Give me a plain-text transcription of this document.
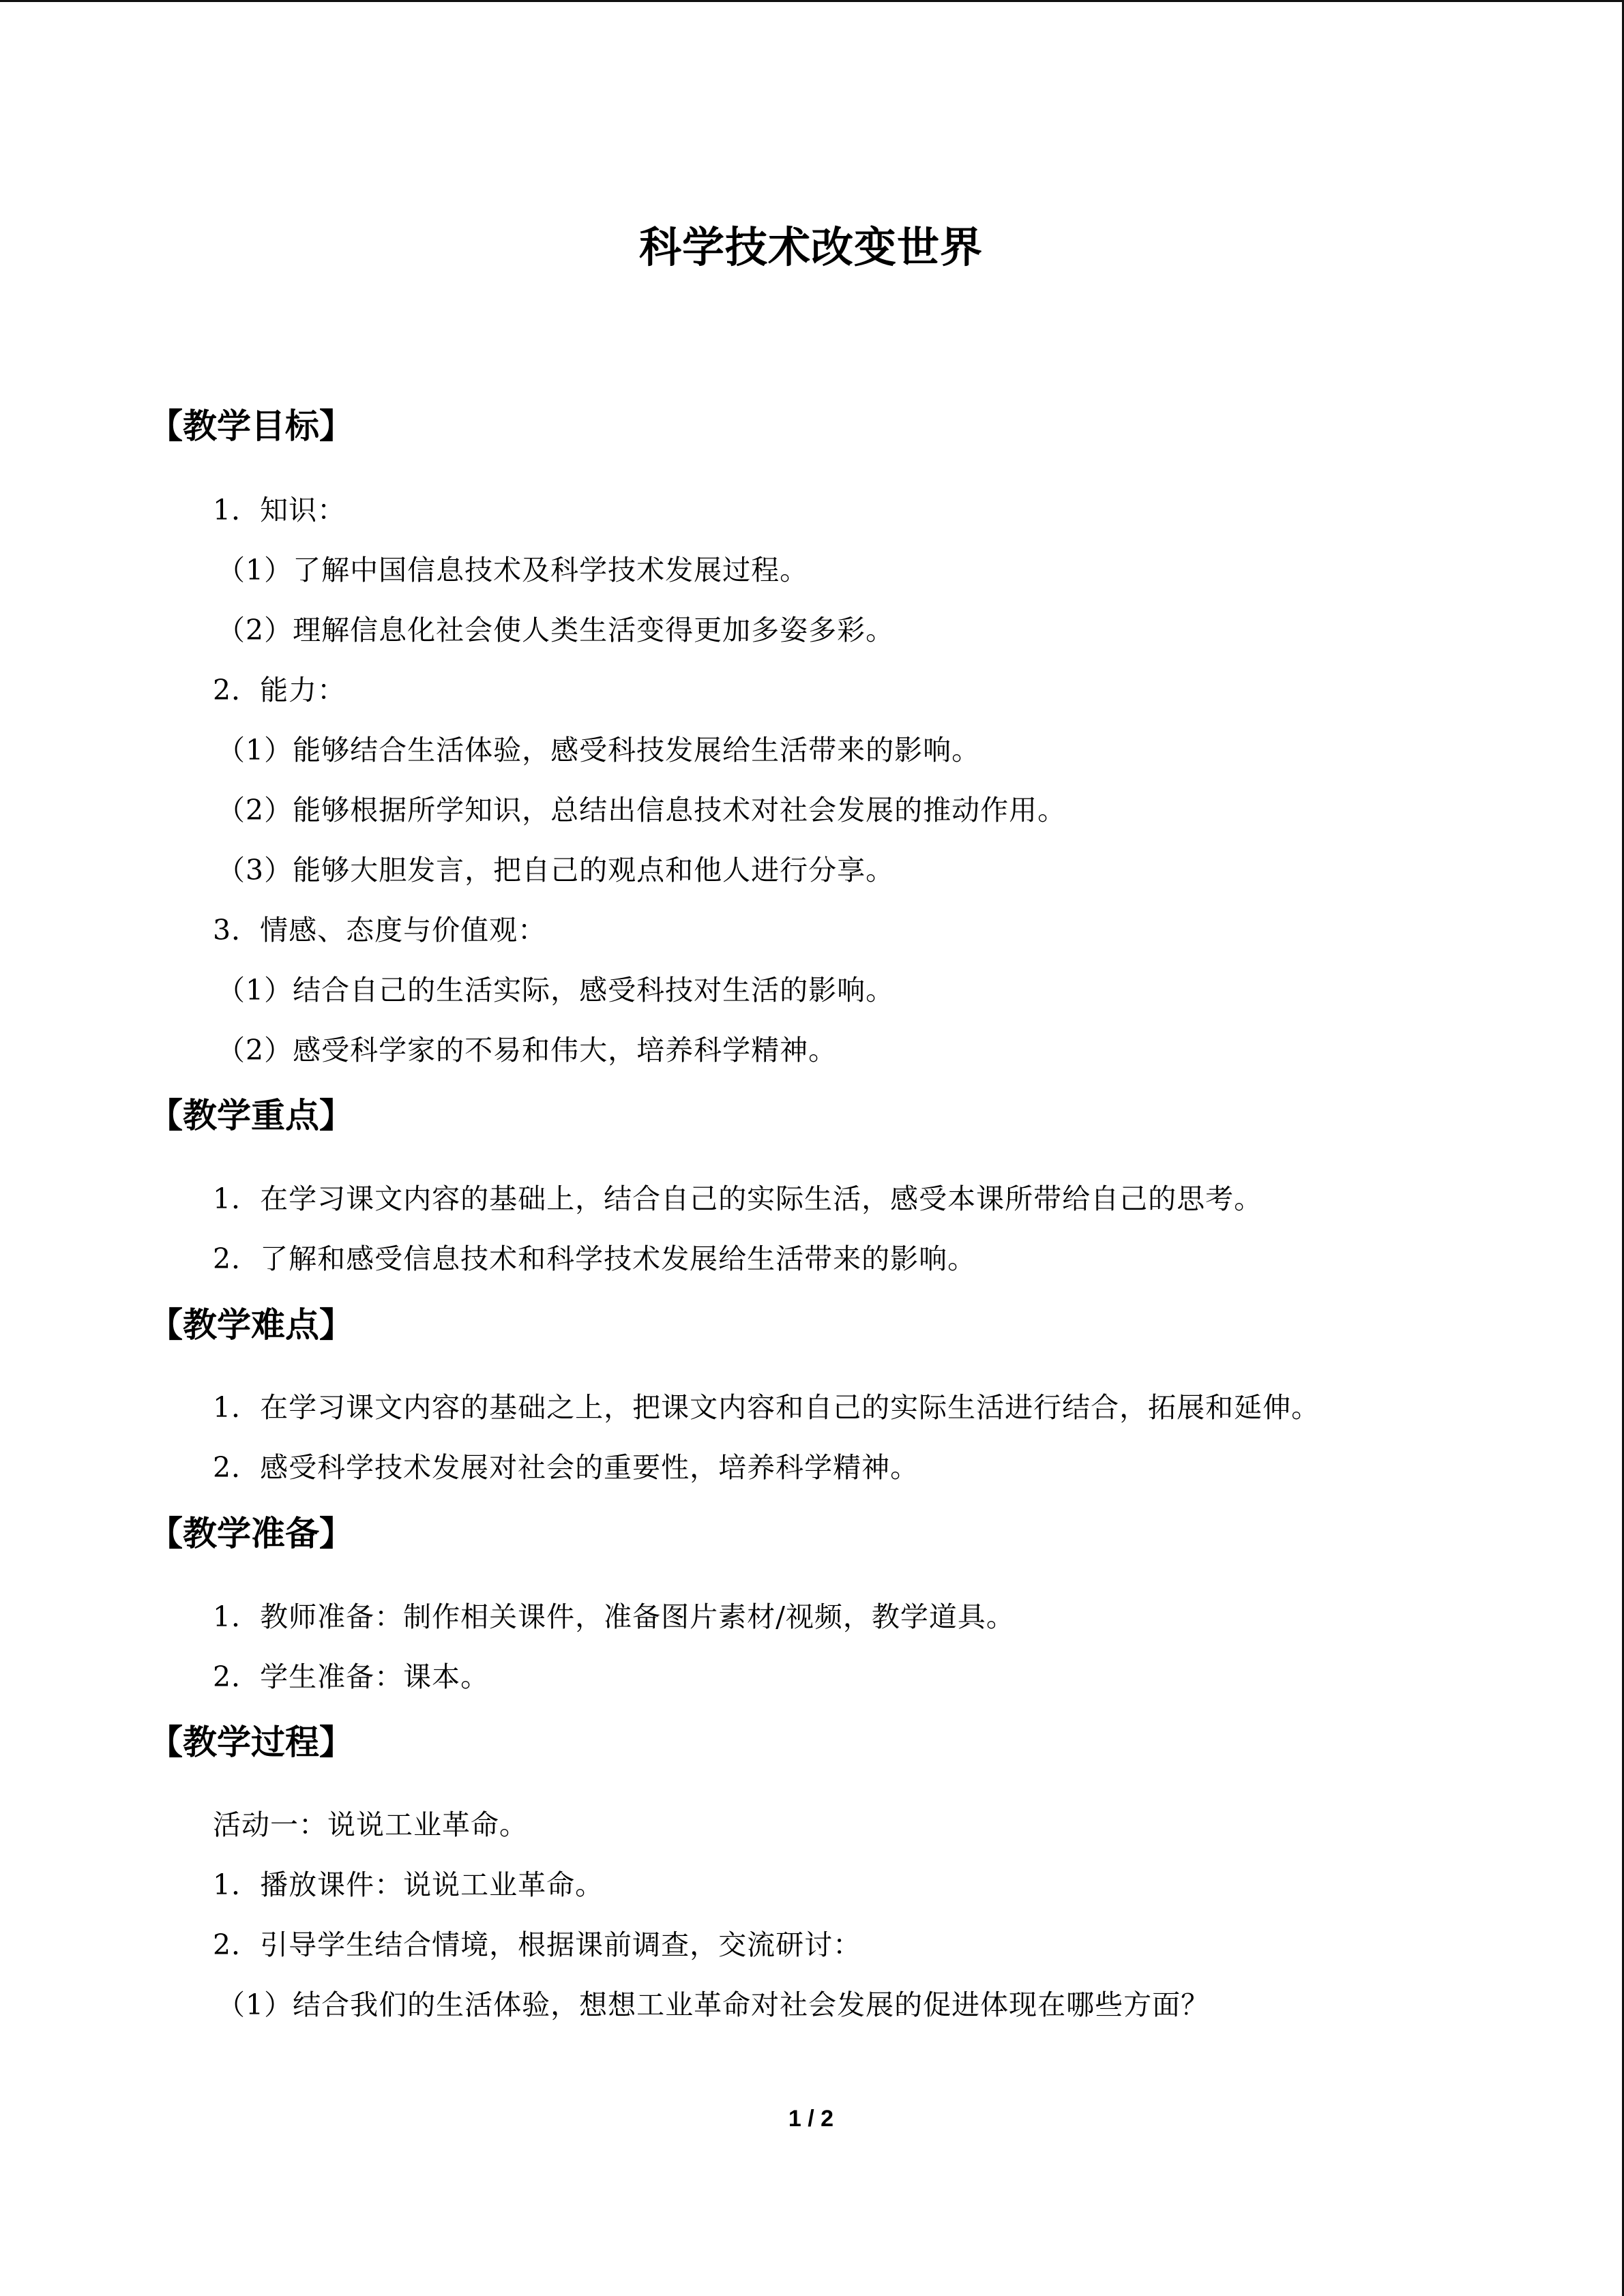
科学技术改变世界
【教学目标】
1．知识：
（1）了解中国信息技术及科学技术发展过程。
（2）理解信息化社会使人类生活变得更加多姿多彩。
2．能力：
（1）能够结合生活体验，感受科技发展给生活带来的影响。
（2）能够根据所学知识，总结出信息技术对社会发展的推动作用。
（3）能够大胆发言，把自己的观点和他人进行分享。
3．情感、态度与价值观：
（1）结合自己的生活实际，感受科技对生活的影响。
（2）感受科学家的不易和伟大，培养科学精神。
【教学重点】
1．在学习课文内容的基础上，结合自己的实际生活，感受本课所带给自己的思考。
2．了解和感受信息技术和科学技术发展给生活带来的影响。
【教学难点】
1．在学习课文内容的基础之上，把课文内容和自己的实际生活进行结合，拓展和延伸。
2．感受科学技术发展对社会的重要性，培养科学精神。
【教学准备】
1．教师准备：制作相关课件，准备图片素材/视频，教学道具。
2．学生准备：课本。
【教学过程】
活动一：说说工业革命。
1．播放课件：说说工业革命。
2．引导学生结合情境，根据课前调查，交流研讨：
（1）结合我们的生活体验，想想工业革命对社会发展的促进体现在哪些方面？
1 / 2
